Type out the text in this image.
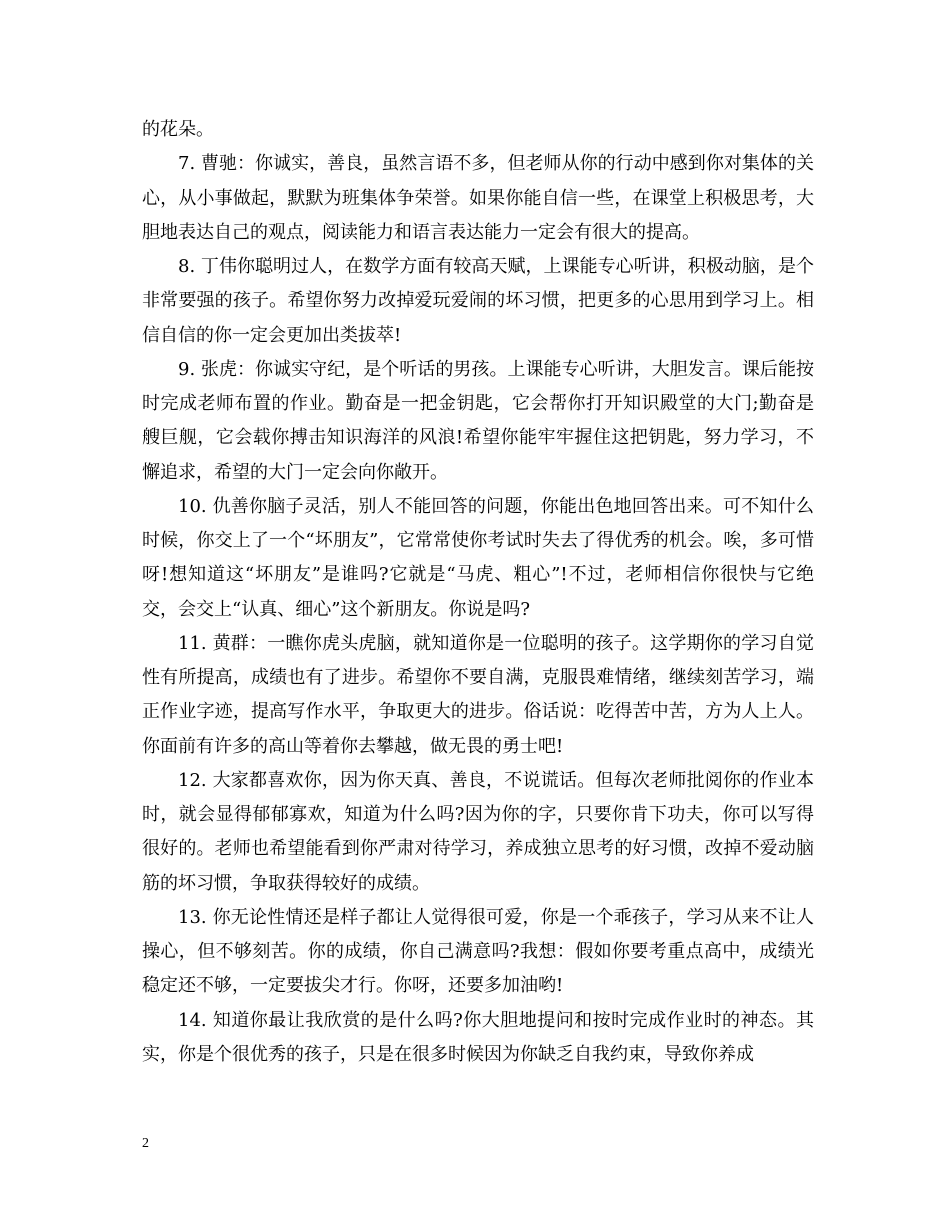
的花朵。

7. 曹驰：你诚实，善良，虽然言语不多，但老师从你的行动中感到你对集体的关心，从小事做起，默默为班集体争荣誉。如果你能自信一些，在课堂上积极思考，大胆地表达自己的观点，阅读能力和语言表达能力一定会有很大的提高。

8. 丁伟你聪明过人，在数学方面有较高天赋，上课能专心听讲，积极动脑，是个非常要强的孩子。希望你努力改掉爱玩爱闹的坏习惯，把更多的心思用到学习上。相信自信的你一定会更加出类拔萃!

9. 张虎：你诚实守纪，是个听话的男孩。上课能专心听讲，大胆发言。课后能按时完成老师布置的作业。勤奋是一把金钥匙，它会帮你打开知识殿堂的大门;勤奋是艘巨舰，它会载你搏击知识海洋的风浪!希望你能牢牢握住这把钥匙，努力学习，不懈追求，希望的大门一定会向你敞开。

10. 仇善你脑子灵活，别人不能回答的问题，你能出色地回答出来。可不知什么时候，你交上了一个“坏朋友”，它常常使你考试时失去了得优秀的机会。唉，多可惜呀!想知道这“坏朋友”是谁吗?它就是“马虎、粗心”!不过，老师相信你很快与它绝交，会交上“认真、细心”这个新朋友。你说是吗?

11. 黄群：一瞧你虎头虎脑，就知道你是一位聪明的孩子。这学期你的学习自觉性有所提高，成绩也有了进步。希望你不要自满，克服畏难情绪，继续刻苦学习，端正作业字迹，提高写作水平，争取更大的进步。俗话说：吃得苦中苦，方为人上人。你面前有许多的高山等着你去攀越，做无畏的勇士吧!

12. 大家都喜欢你，因为你天真、善良，不说谎话。但每次老师批阅你的作业本时，就会显得郁郁寡欢，知道为什么吗?因为你的字，只要你肯下功夫，你可以写得很好的。老师也希望能看到你严肃对待学习，养成独立思考的好习惯，改掉不爱动脑筋的坏习惯，争取获得较好的成绩。

13. 你无论性情还是样子都让人觉得很可爱，你是一个乖孩子，学习从来不让人操心，但不够刻苦。你的成绩，你自己满意吗?我想：假如你要考重点高中，成绩光稳定还不够，一定要拔尖才行。你呀，还要多加油哟!

14. 知道你最让我欣赏的是什么吗?你大胆地提问和按时完成作业时的神态。其实，你是个很优秀的孩子，只是在很多时候因为你缺乏自我约束，导致你养成

2
